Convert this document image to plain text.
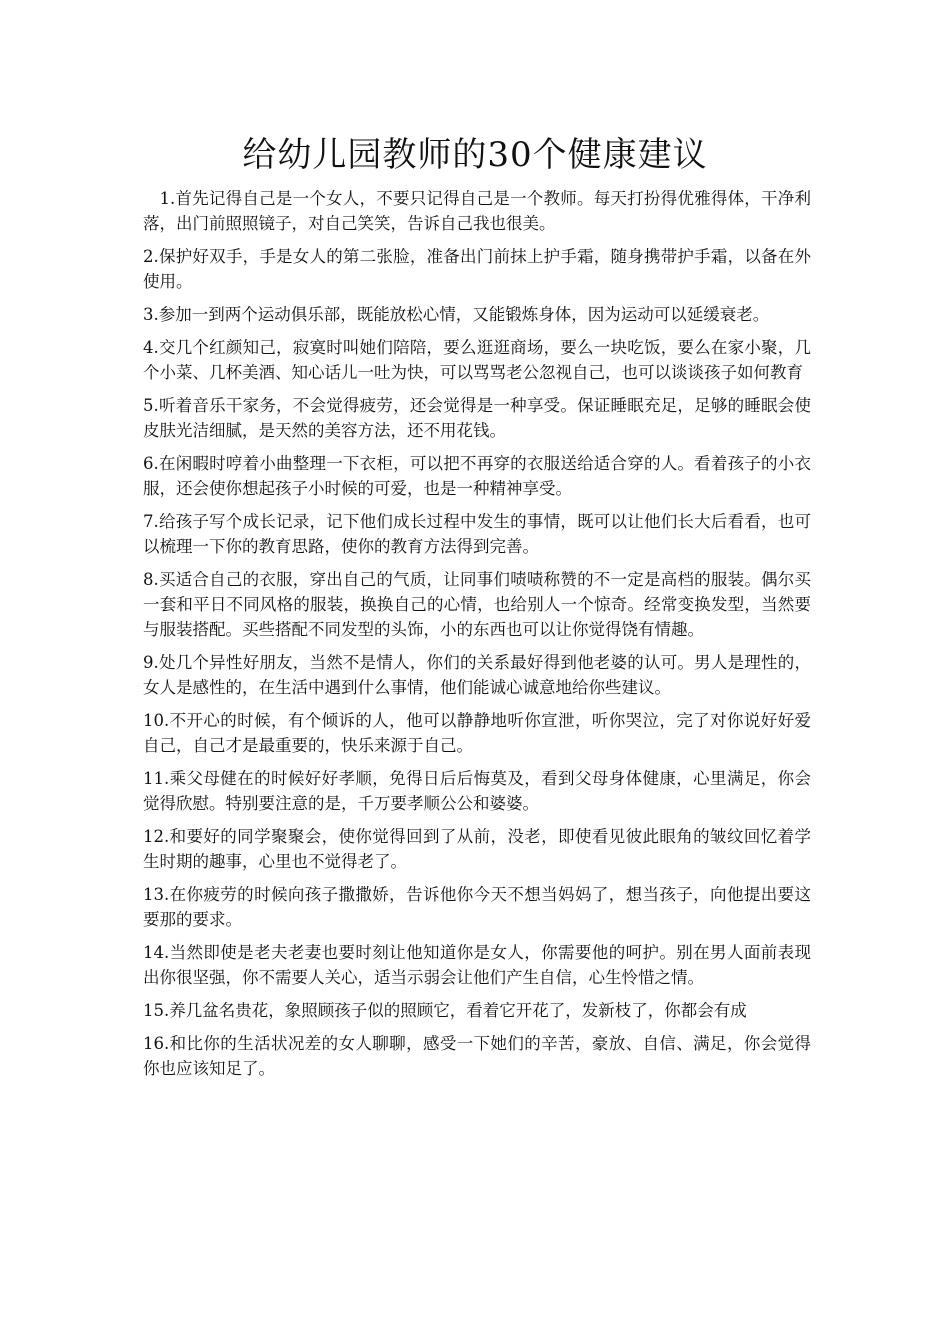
给幼儿园教师的30个健康建议

1.首先记得自己是一个女人，不要只记得自己是一个教师。每天打扮得优雅得体，干净利落，出门前照照镜子，对自己笑笑，告诉自己我也很美。

2.保护好双手，手是女人的第二张脸，准备出门前抹上护手霜，随身携带护手霜，以备在外使用。

3.参加一到两个运动俱乐部，既能放松心情，又能锻炼身体，因为运动可以延缓衰老。

4.交几个红颜知己，寂寞时叫她们陪陪，要么逛逛商场，要么一块吃饭，要么在家小聚，几个小菜、几杯美酒、知心话儿一吐为快，可以骂骂老公忽视自己，也可以谈谈孩子如何教育

5.听着音乐干家务，不会觉得疲劳，还会觉得是一种享受。保证睡眠充足，足够的睡眠会使皮肤光洁细腻，是天然的美容方法，还不用花钱。

6.在闲暇时哼着小曲整理一下衣柜，可以把不再穿的衣服送给适合穿的人。看着孩子的小衣服，还会使你想起孩子小时候的可爱，也是一种精神享受。

7.给孩子写个成长记录，记下他们成长过程中发生的事情，既可以让他们长大后看看，也可以梳理一下你的教育思路，使你的教育方法得到完善。

8.买适合自己的衣服，穿出自己的气质，让同事们啧啧称赞的不一定是高档的服装。偶尔买一套和平日不同风格的服装，换换自己的心情，也给别人一个惊奇。经常变换发型，当然要与服装搭配。买些搭配不同发型的头饰，小的东西也可以让你觉得饶有情趣。

9.处几个异性好朋友，当然不是情人，你们的关系最好得到他老婆的认可。男人是理性的，女人是感性的，在生活中遇到什么事情，他们能诚心诚意地给你些建议。

10.不开心的时候，有个倾诉的人，他可以静静地听你宣泄，听你哭泣，完了对你说好好爱自己，自己才是最重要的，快乐来源于自己。

11.乘父母健在的时候好好孝顺，免得日后后悔莫及，看到父母身体健康，心里满足，你会觉得欣慰。特别要注意的是，千万要孝顺公公和婆婆。

12.和要好的同学聚聚会，使你觉得回到了从前，没老，即使看见彼此眼角的皱纹回忆着学生时期的趣事，心里也不觉得老了。

13.在你疲劳的时候向孩子撒撒娇，告诉他你今天不想当妈妈了，想当孩子，向他提出要这要那的要求。

14.当然即使是老夫老妻也要时刻让他知道你是女人，你需要他的呵护。别在男人面前表现出你很坚强，你不需要人关心，适当示弱会让他们产生自信，心生怜惜之情。

15.养几盆名贵花，象照顾孩子似的照顾它，看着它开花了，发新枝了，你都会有成

16.和比你的生活状况差的女人聊聊，感受一下她们的辛苦，豪放、自信、满足，你会觉得你也应该知足了。
